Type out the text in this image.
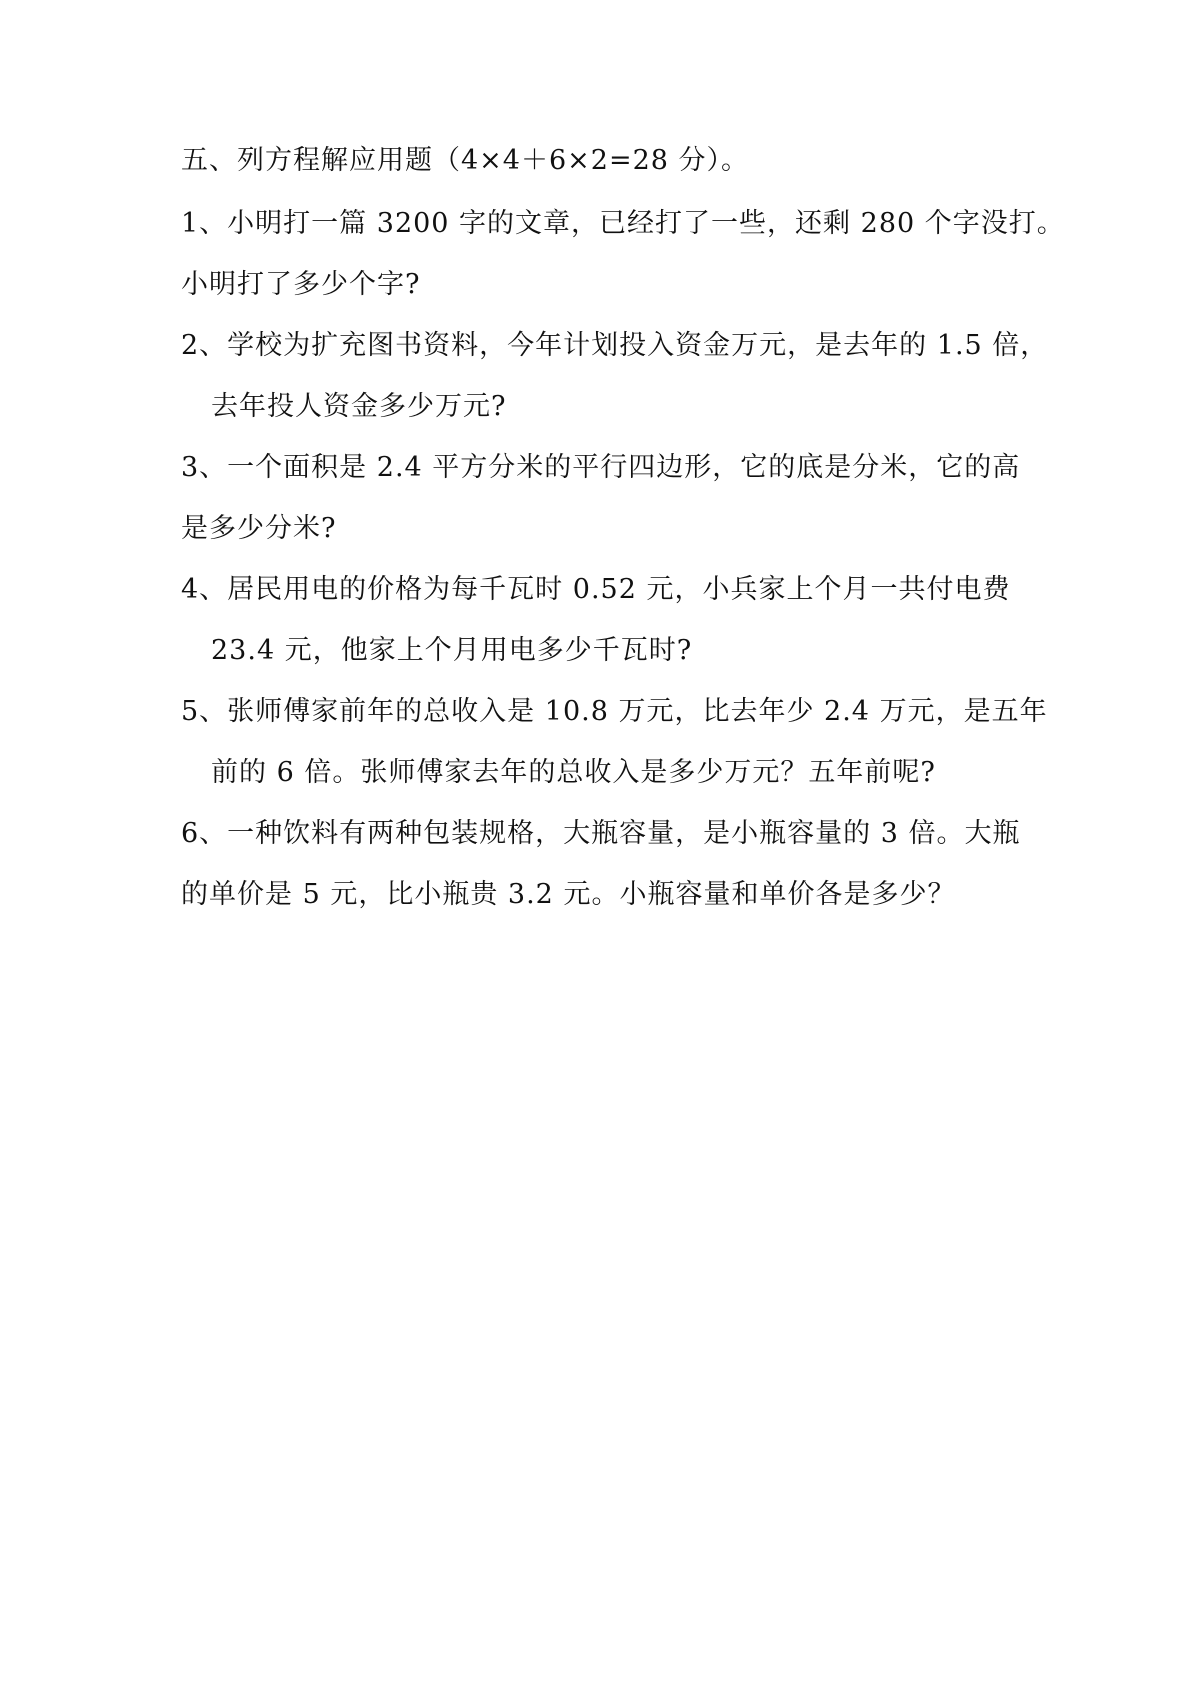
五、列方程解应用题（4×4＋6×2=28 分）。
1、小明打一篇 3200 字的文章，已经打了一些，还剩 280 个字没打。
小明打了多少个字?
2、学校为扩充图书资料，今年计划投入资金万元，是去年的 1.5 倍，
去年投人资金多少万元?
3、一个面积是 2.4 平方分米的平行四边形，它的底是分米，它的高
是多少分米?
4、居民用电的价格为每千瓦时 0.52 元，小兵家上个月一共付电费
23.4 元，他家上个月用电多少千瓦时?
5、张师傅家前年的总收入是 10.8 万元，比去年少 2.4 万元，是五年
前的 6 倍。张师傅家去年的总收入是多少万元？五年前呢?
6、一种饮料有两种包装规格，大瓶容量，是小瓶容量的 3 倍。大瓶
的单价是 5 元，比小瓶贵 3.2 元。小瓶容量和单价各是多少？
